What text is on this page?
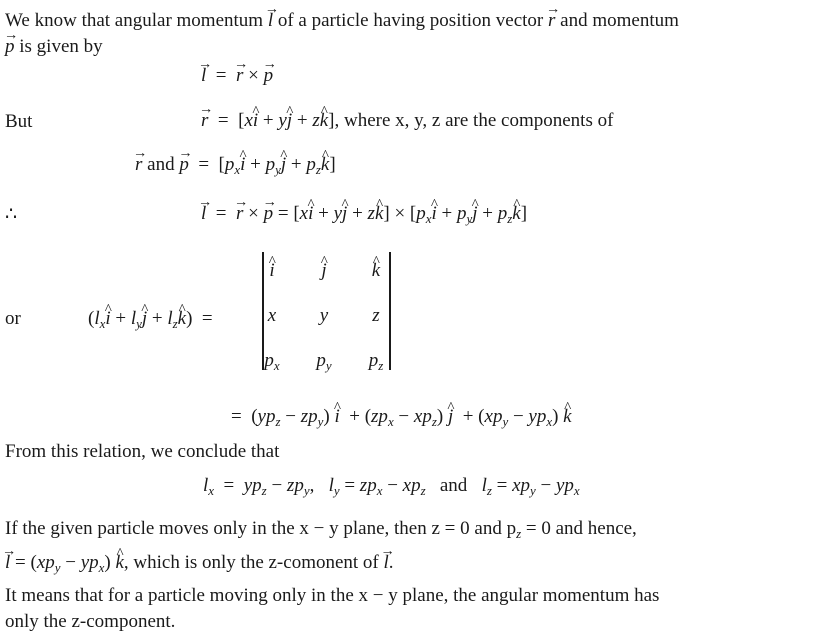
We know that angular momentum → l of a particle having position vector → r and momentum
→ p is given by
→ l  =  → r × → p
But	→ r  =  [x^ i + y^ j + z^ k], where x, y, z are the components of
→ r and → $p = [p_x\^{}$ $i + p_y\^{}$ $j + p_z\^{}$ k]
∴	→ l  =  → r × → p = [x^ i + y^ j + z^ $k] \times [p_x\^{}$ $i + p_y\^{}$ $j + p_z\^{}$ k]
or	($l_x\^{}$ $i + l_y\^{}$ $j + l_z\^{}$ k)  =
^ i	^ j	^ k
x	y	z
$p_x$	$p_y$	$p_z$
=  $(yp_z - zp_y)$ ^ $i + (zp_x - xp_z)$ ^ $j + (xp_y - yp_x)$ ^ k
From this relation, we conclude that
$l_x = yp_z - zp_y$,   $l_y = zp_x - xp_z$ and $l_z = xp_y - yp_x$
If the given particle moves only in the x − y plane, then z = 0 and $p_z = 0$ and hence,
→ $l = (xp_y - yp_x)$ ^ k, which is only the z-comonent of → l.
It means that for a particle moving only in the x − y plane, the angular momentum has
only the z-component.
